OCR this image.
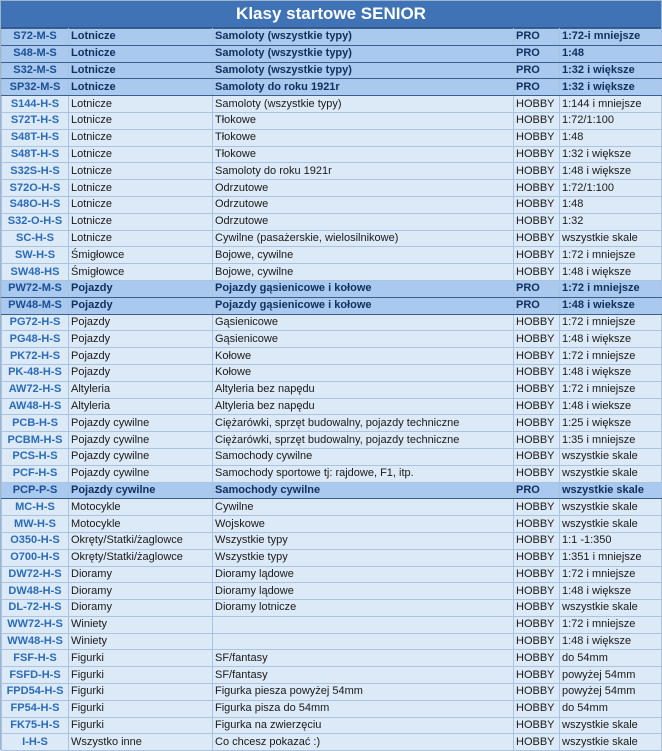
Klasy startowe SENIOR
S72-M-S	Lotnicze	Samoloty (wszystkie typy)	PRO	1:72-i mniejsze
S48-M-S	Lotnicze	Samoloty (wszystkie typy)	PRO	1:48
S32-M-S	Lotnicze	Samoloty (wszystkie typy)	PRO	1:32 i większe
SP32-M-S	Lotnicze	Samoloty do roku 1921r	PRO	1:32 i większe
S144-H-S	Lotnicze	Samoloty (wszystkie typy)	HOBBY	1:144 i mniejsze
S72T-H-S	Lotnicze	Tłokowe	HOBBY	1:72/1:100
S48T-H-S	Lotnicze	Tłokowe	HOBBY	1:48
S48T-H-S	Lotnicze	Tłokowe	HOBBY	1:32 i większe
S32S-H-S	Lotnicze	Samoloty do roku 1921r	HOBBY	1:48 i większe
S72O-H-S	Lotnicze	Odrzutowe	HOBBY	1:72/1:100
S48O-H-S	Lotnicze	Odrzutowe	HOBBY	1:48
S32-O-H-S	Lotnicze	Odrzutowe	HOBBY	1:32
SC-H-S	Lotnicze	Cywilne (pasażerskie, wielosilnikowe)	HOBBY	wszystkie skale
SW-H-S	Śmigłowce	Bojowe, cywilne	HOBBY	1:72 i mniejsze
SW48-HS	Śmigłowce	Bojowe, cywilne	HOBBY	1:48 i większe
PW72-M-S	Pojazdy	Pojazdy gąsienicowe i kołowe	PRO	1:72 i mniejsze
PW48-M-S	Pojazdy	Pojazdy gąsienicowe i kołowe	PRO	1:48 i wieksze
PG72-H-S	Pojazdy	Gąsienicowe	HOBBY	1:72 i mniejsze
PG48-H-S	Pojazdy	Gąsienicowe	HOBBY	1:48 i większe
PK72-H-S	Pojazdy	Kołowe	HOBBY	1:72 i mniejsze
PK-48-H-S	Pojazdy	Kołowe	HOBBY	1:48 i większe
AW72-H-S	Altyleria	Altyleria bez napędu	HOBBY	1:72 i mniejsze
AW48-H-S	Altyleria	Altyleria bez napędu	HOBBY	1:48 i wieksze
PCB-H-S	Pojazdy cywilne	Ciężarówki, sprzęt budowalny, pojazdy techniczne	HOBBY	1:25 i większe
PCBM-H-S	Pojazdy cywilne	Ciężarówki, sprzęt budowalny, pojazdy techniczne	HOBBY	1:35 i mniejsze
PCS-H-S	Pojazdy cywilne	Samochody cywilne	HOBBY	wszystkie skale
PCF-H-S	Pojazdy cywilne	Samochody sportowe tj: rajdowe, F1, itp.	HOBBY	wszystkie skale
PCP-P-S	Pojazdy cywilne	Samochody cywilne	PRO	wszystkie skale
MC-H-S	Motocykle	Cywilne	HOBBY	wszystkie skale
MW-H-S	Motocykle	Wojskowe	HOBBY	wszystkie skale
O350-H-S	Okręty/Statki/żaglowce	Wszystkie typy	HOBBY	1:1 -1:350
O700-H-S	Okręty/Statki/żaglowce	Wszystkie typy	HOBBY	1:351 i mniejsze
DW72-H-S	Dioramy	Dioramy lądowe	HOBBY	1:72 i mniejsze
DW48-H-S	Dioramy	Dioramy lądowe	HOBBY	1:48 i większe
DL-72-H-S	Dioramy	Dioramy lotnicze	HOBBY	wszystkie skale
WW72-H-S	Winiety		HOBBY	1:72 i mniejsze
WW48-H-S	Winiety		HOBBY	1:48 i większe
FSF-H-S	Figurki	SF/fantasy	HOBBY	do 54mm
FSFD-H-S	Figurki	SF/fantasy	HOBBY	powyżej 54mm
FPD54-H-S	Figurki	Figurka piesza powyżej 54mm	HOBBY	powyżej 54mm
FP54-H-S	Figurki	Figurka pisza do 54mm	HOBBY	do 54mm
FK75-H-S	Figurki	Figurka na zwierzęciu	HOBBY	wszystkie skale
I-H-S	Wszystko inne	Co chcesz pokazać :)	HOBBY	wszystkie skale
